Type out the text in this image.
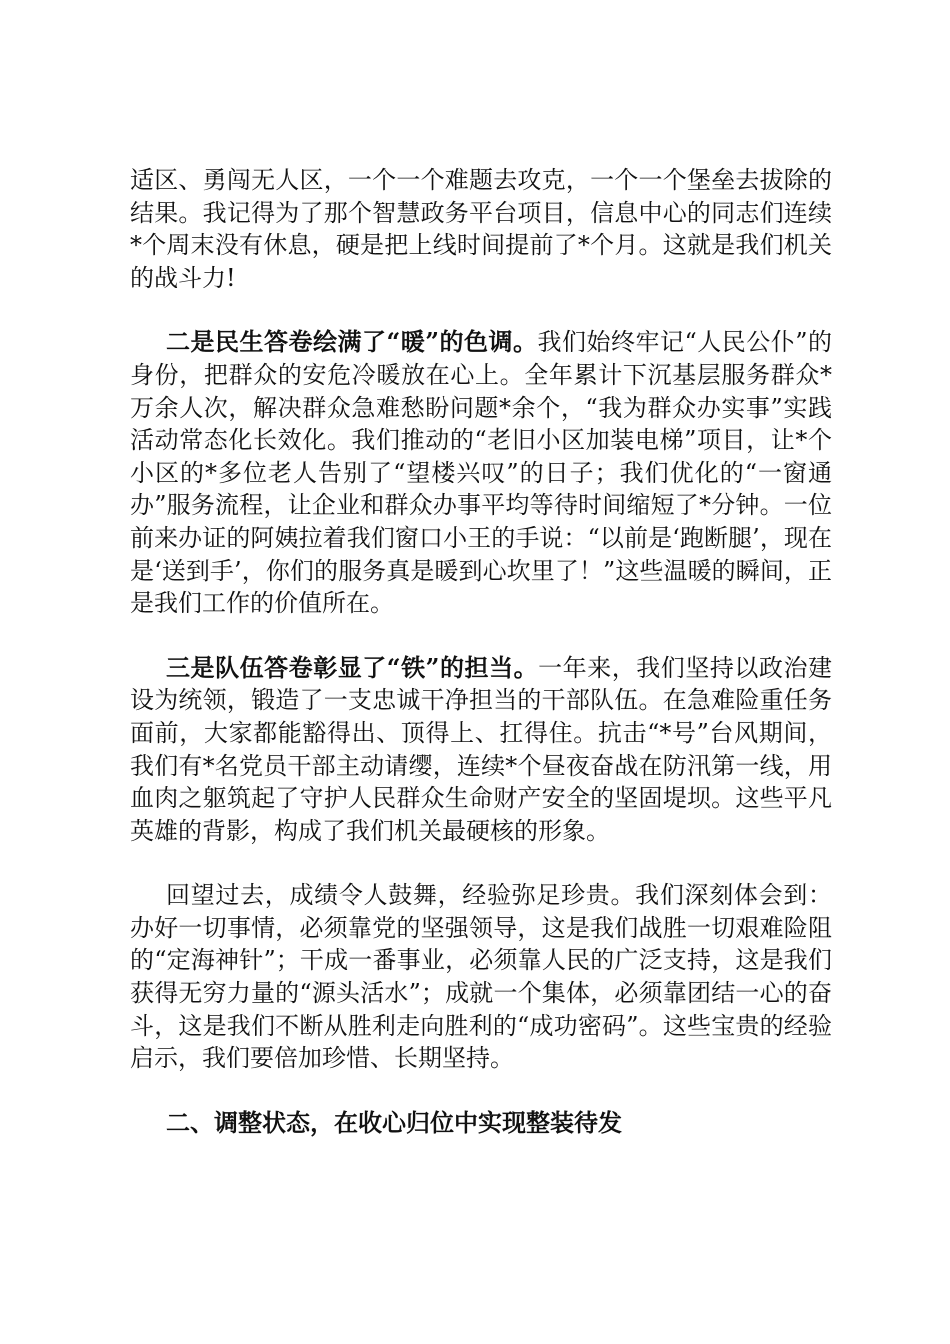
适区、勇闯无人区，一个一个难题去攻克，一个一个堡垒去拔除的结果。我记得为了那个智慧政务平台项目，信息中心的同志们连续*个周末没有休息，硬是把上线时间提前了*个月。这就是我们机关的战斗力!

二是民生答卷绘满了“暖”的色调。我们始终牢记“人民公仆”的身份，把群众的安危冷暖放在心上。全年累计下沉基层服务群众*万余人次，解决群众急难愁盼问题*余个，“我为群众办实事”实践活动常态化长效化。我们推动的“老旧小区加装电梯”项目，让*个小区的*多位老人告别了“望楼兴叹”的日子；我们优化的“一窗通办”服务流程，让企业和群众办事平均等待时间缩短了*分钟。一位前来办证的阿姨拉着我们窗口小王的手说：“以前是‘跑断腿’，现在是‘送到手’，你们的服务真是暖到心坎里了！”这些温暖的瞬间，正是我们工作的价值所在。

三是队伍答卷彰显了“铁”的担当。一年来，我们坚持以政治建设为统领，锻造了一支忠诚干净担当的干部队伍。在急难险重任务面前，大家都能豁得出、顶得上、扛得住。抗击“*号”台风期间，我们有*名党员干部主动请缨，连续*个昼夜奋战在防汛第一线，用血肉之躯筑起了守护人民群众生命财产安全的坚固堤坝。这些平凡英雄的背影，构成了我们机关最硬核的形象。

回望过去，成绩令人鼓舞，经验弥足珍贵。我们深刻体会到：办好一切事情，必须靠党的坚强领导，这是我们战胜一切艰难险阻的“定海神针”；干成一番事业，必须靠人民的广泛支持，这是我们获得无穷力量的“源头活水”；成就一个集体，必须靠团结一心的奋斗，这是我们不断从胜利走向胜利的“成功密码”。这些宝贵的经验启示，我们要倍加珍惜、长期坚持。

二、调整状态，在收心归位中实现整装待发
